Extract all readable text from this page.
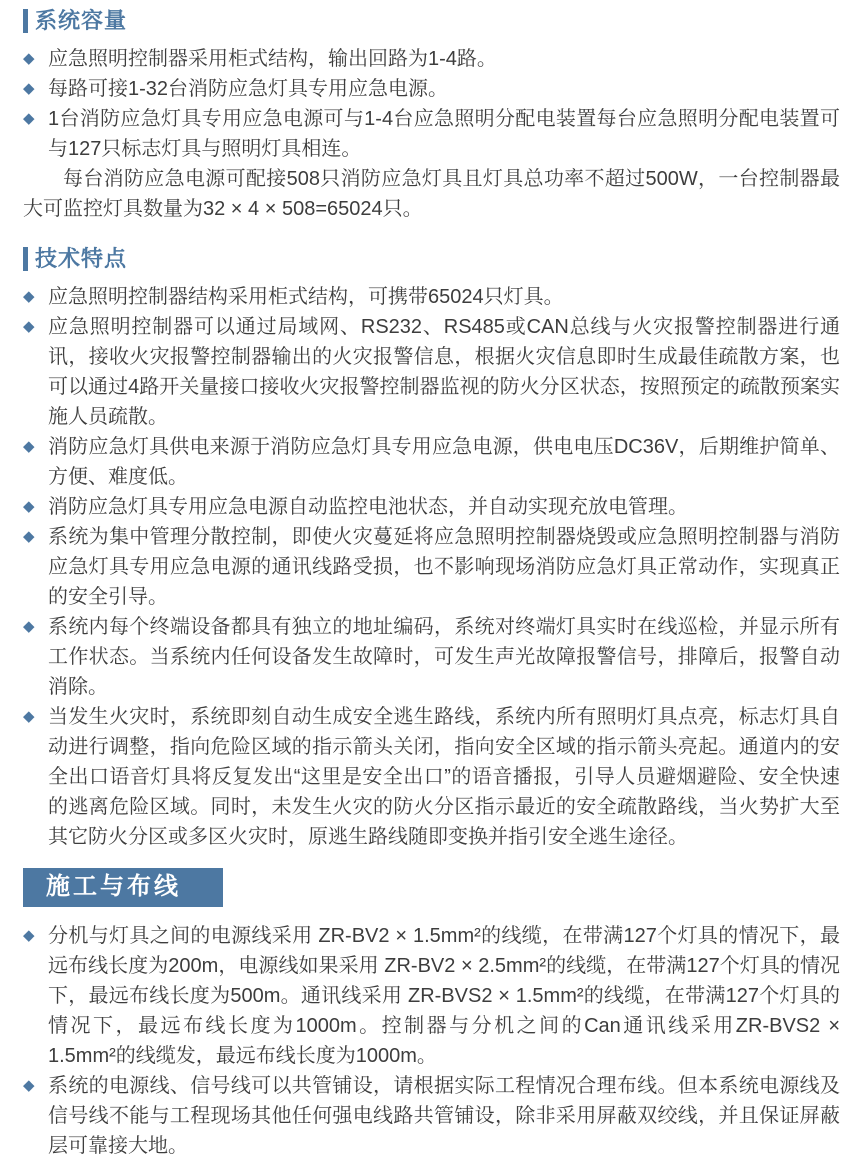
系统容量
◆ 应急照明控制器采用柜式结构，输出回路为1-4路。

◆ 每路可接1-32台消防应急灯具专用应急电源。

◆ 1台消防应急灯具专用应急电源可与1-4台应急照明分配电装置每台应急照明分配电装置可与127只标志灯具与照明灯具相连。

每台消防应急电源可配接508只消防应急灯具且灯具总功率不超过500W，一台控制器最大可监控灯具数量为32 × 4 × 508=65024只。

技术特点
◆ 应急照明控制器结构采用柜式结构，可携带65024只灯具。

◆ 应急照明控制器可以通过局域网、RS232、RS485或CAN总线与火灾报警控制器进行通讯，接收火灾报警控制器输出的火灾报警信息，根据火灾信息即时生成最佳疏散方案，也可以通过4路开关量接口接收火灾报警控制器监视的防火分区状态，按照预定的疏散预案实施人员疏散。

◆ 消防应急灯具供电来源于消防应急灯具专用应急电源，供电电压DC36V，后期维护简单、方便、难度低。

◆ 消防应急灯具专用应急电源自动监控电池状态，并自动实现充放电管理。

◆ 系统为集中管理分散控制，即使火灾蔓延将应急照明控制器烧毁或应急照明控制器与消防应急灯具专用应急电源的通讯线路受损，也不影响现场消防应急灯具正常动作，实现真正的安全引导。

◆ 系统内每个终端设备都具有独立的地址编码，系统对终端灯具实时在线巡检，并显示所有工作状态。当系统内任何设备发生故障时，可发生声光故障报警信号，排障后，报警自动消除。

◆ 当发生火灾时，系统即刻自动生成安全逃生路线，系统内所有照明灯具点亮，标志灯具自动进行调整，指向危险区域的指示箭头关闭，指向安全区域的指示箭头亮起。通道内的安全出口语音灯具将反复发出“这里是安全出口”的语音播报，引导人员避烟避险、安全快速的逃离危险区域。同时，未发生火灾的防火分区指示最近的安全疏散路线，当火势扩大至其它防火分区或多区火灾时，原逃生路线随即变换并指引安全逃生途径。

施工与布线
◆ 分机与灯具之间的电源线采用 ZR-BV2 × 1.5mm²的线缆，在带满127个灯具的情况下，最远布线长度为200m，电源线如果采用 ZR-BV2 × 2.5mm²的线缆，在带满127个灯具的情况下，最远布线长度为500m。通讯线采用 ZR-BVS2 × 1.5mm²的线缆，在带满127个灯具的情况下，最远布线长度为1000m。控制器与分机之间的Can通讯线采用ZR-BVS2 × 1.5mm²的线缆发，最远布线长度为1000m。

◆ 系统的电源线、信号线可以共管铺设，请根据实际工程情况合理布线。但本系统电源线及信号线不能与工程现场其他任何强电线路共管铺设，除非采用屏蔽双绞线，并且保证屏蔽层可靠接大地。
